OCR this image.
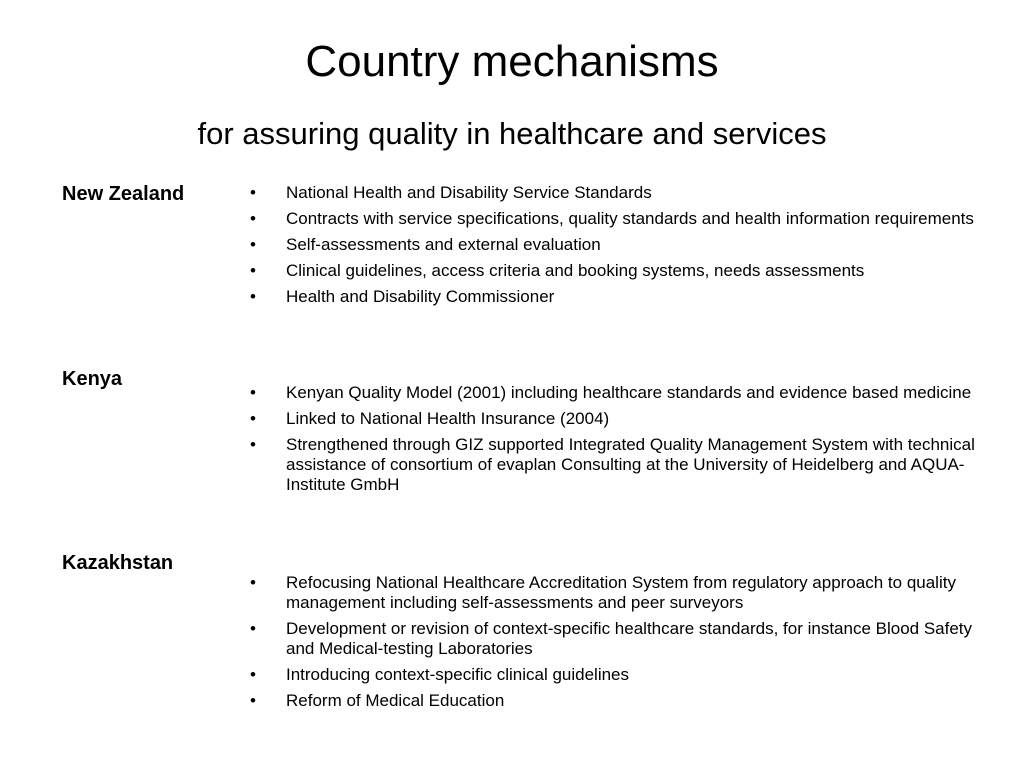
Country mechanisms
for assuring quality in healthcare and services
New Zealand	•	National Health and Disability Service Standards
•	Contracts with service specifications, quality standards and health information requirements
•	Self-assessments and external evaluation
•	Clinical guidelines, access criteria and booking systems, needs assessments
•	Health and Disability Commissioner
Kenya
•	Kenyan Quality Model (2001) including healthcare standards and evidence based medicine
•	Linked to National Health Insurance (2004)
•	Strengthened through GIZ supported Integrated Quality Management System with technical assistance of consortium of evaplan Consulting at the University of Heidelberg and AQUA-Institute GmbH
Kazakhstan
•	Refocusing National Healthcare Accreditation System from regulatory approach to quality management including self-assessments and peer surveyors
•	Development or revision of context-specific healthcare standards, for instance Blood Safety and Medical-testing Laboratories
•	Introducing context-specific clinical guidelines
•	Reform of Medical Education
